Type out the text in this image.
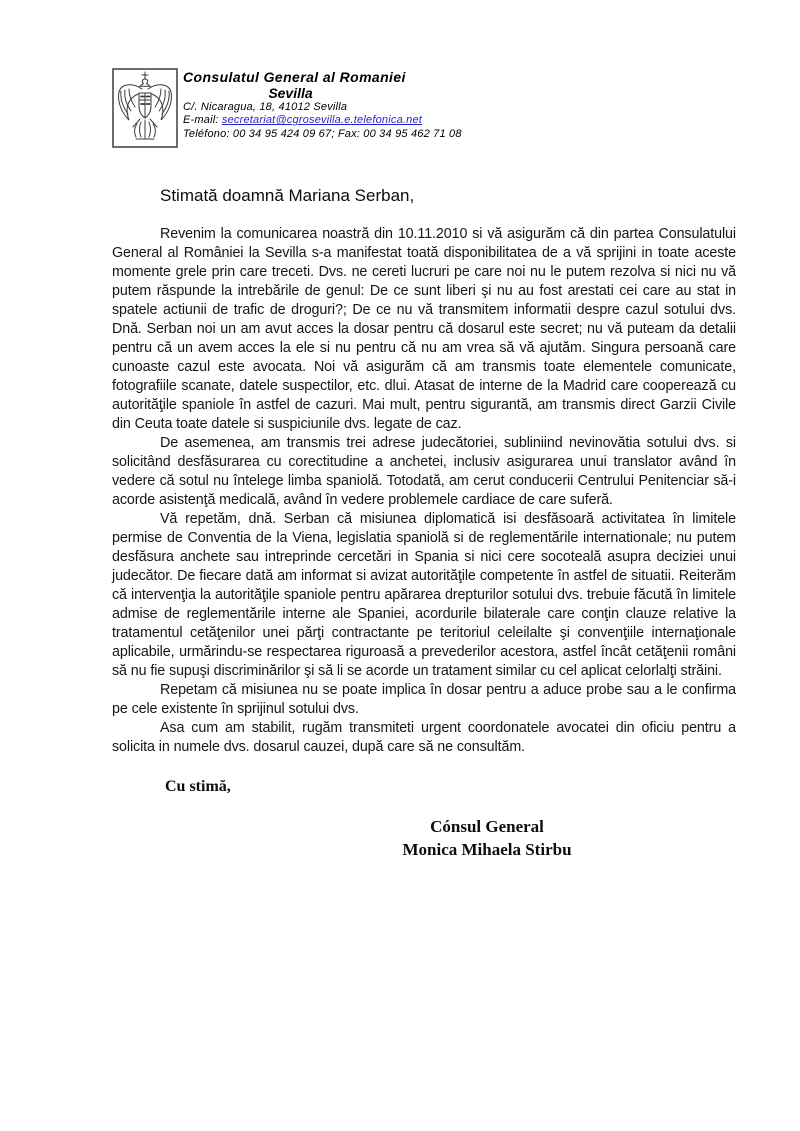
Consulatul General al Romaniei
Sevilla
C/. Nicaragua, 18, 41012 Sevilla
E-mail: secretariat@cgrosevilla.e.telefonica.net
Teléfono: 00 34 95 424 09 67; Fax: 00 34 95 462 71 08

Stimată doamnă Mariana Serban,

Revenim la comunicarea noastră din 10.11.2010 si vă asigurăm că din partea Consulatului General al României la Sevilla s-a manifestat toată disponibilitatea de a vă sprijini in toate aceste momente grele prin care treceti. Dvs. ne cereti lucruri pe care noi nu le putem rezolva si nici nu vă putem răspunde la intrebările de genul: De ce sunt liberi şi nu au fost arestati cei care au stat in spatele actiunii de trafic de droguri?; De ce nu vă transmitem informatii despre cazul sotului dvs. Dnă. Serban noi un am avut acces la dosar pentru că dosarul este secret; nu vă puteam da detalii pentru că un avem acces la ele si nu pentru că nu am vrea să vă ajutăm. Singura persoană care cunoaste cazul este avocata. Noi vă asigurăm că am transmis toate elementele comunicate, fotografiile scanate, datele suspectilor, etc. dlui. Atasat de interne de la Madrid care cooperează cu autorităţile spaniole în astfel de cazuri. Mai mult, pentru sigurantă, am transmis direct Garzii Civile din Ceuta toate datele si suspiciunile dvs. legate de caz.

De asemenea, am transmis trei adrese judecătoriei, subliniind nevinovătia sotului dvs. si solicitând desfăsurarea cu corectitudine a anchetei, inclusiv asigurarea unui translator având în vedere că sotul nu întelege limba spaniolă. Totodată, am cerut conducerii Centrului Penitenciar să-i acorde asistenţă medicală, având în vedere problemele cardiace de care suferă.

Vă repetăm, dnă. Serban că misiunea diplomatică isi desfăsoară activitatea în limitele permise de Conventia de la Viena, legislatia spaniolă si de reglementările internationale; nu putem desfăsura anchete sau intreprinde cercetări in Spania si nici cere socoteală asupra deciziei unui judecător. De fiecare dată am informat si avizat autorităţile competente în astfel de situatii. Reiterăm că intervenţia la autorităţile spaniole pentru apărarea drepturilor sotului dvs. trebuie făcută în limitele admise de reglementările interne ale Spaniei, acordurile bilaterale care conţin clauze relative la tratamentul cetăţenilor unei părţi contractante pe teritoriul celeilalte şi convenţiile internaţionale aplicabile, urmărindu-se respectarea riguroasă a prevederilor acestora, astfel încât cetăţenii români să nu fie supuşi discriminărilor şi să li se acorde un tratament similar cu cel aplicat celorlalţi străini.

Repetam că misiunea nu se poate implica în dosar pentru a aduce probe sau a le confirma pe cele existente în sprijinul sotului dvs.

Asa cum am stabilit, rugăm transmiteti urgent coordonatele avocatei din oficiu pentru a solicita in numele dvs. dosarul cauzei, după care să ne consultăm.

Cu stimă,

Cónsul General
Monica Mihaela Stirbu
